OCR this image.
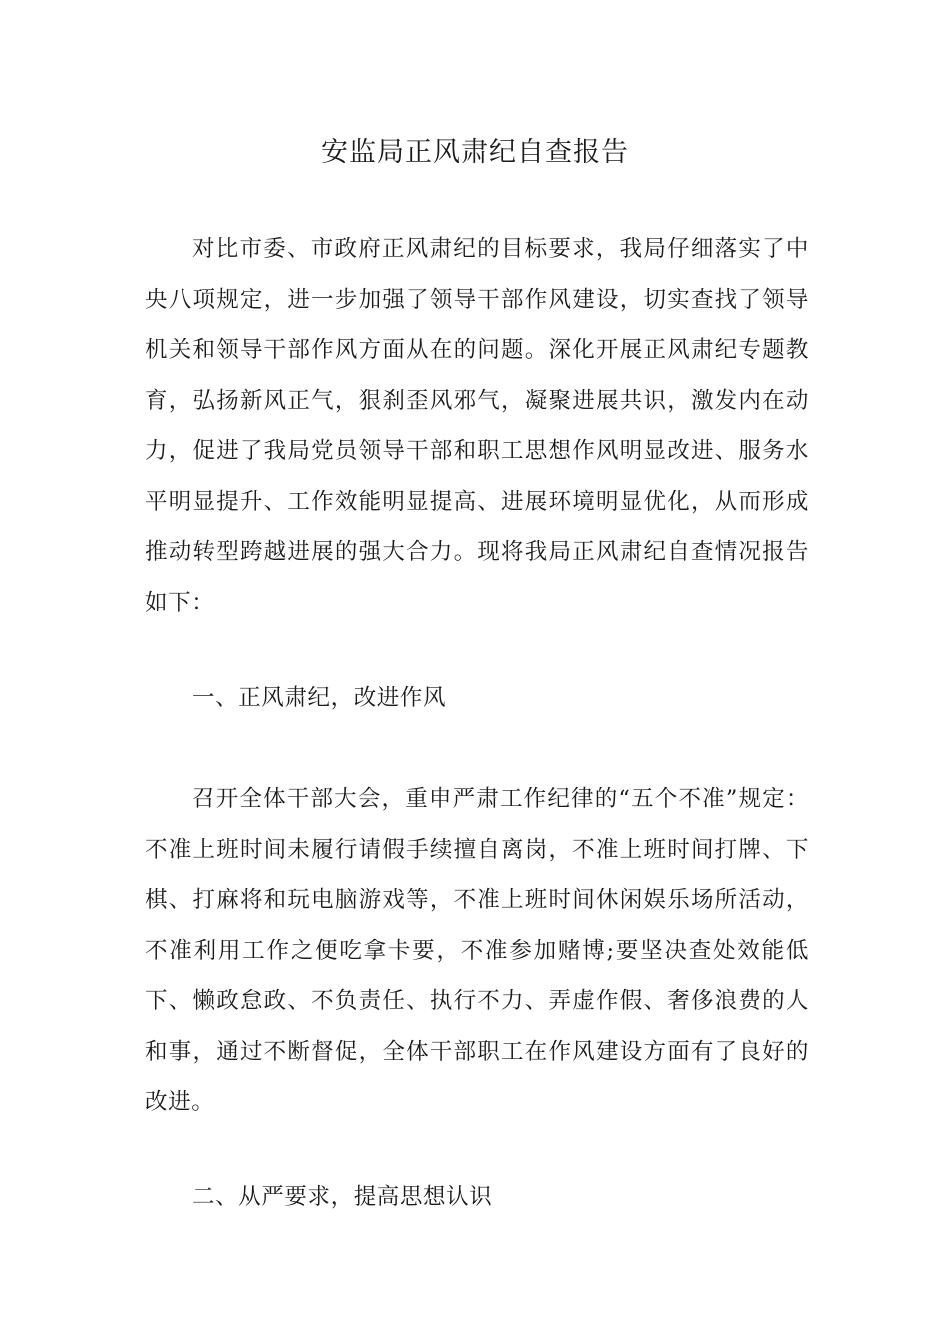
安监局正风肃纪自查报告

对比市委、市政府正风肃纪的目标要求，我局仔细落实了中央八项规定，进一步加强了领导干部作风建设，切实查找了领导机关和领导干部作风方面从在的问题。深化开展正风肃纪专题教育，弘扬新风正气，狠刹歪风邪气，凝聚进展共识，激发内在动力，促进了我局党员领导干部和职工思想作风明显改进、服务水平明显提升、工作效能明显提高、进展环境明显优化，从而形成推动转型跨越进展的强大合力。现将我局正风肃纪自查情况报告如下：

一、正风肃纪，改进作风

召开全体干部大会，重申严肃工作纪律的“五个不准”规定：不准上班时间未履行请假手续擅自离岗，不准上班时间打牌、下棋、打麻将和玩电脑游戏等，不准上班时间休闲娱乐场所活动，不准利用工作之便吃拿卡要，不准参加赌博;要坚决查处效能低下、懒政怠政、不负责任、执行不力、弄虚作假、奢侈浪费的人和事，通过不断督促，全体干部职工在作风建设方面有了良好的改进。

二、从严要求，提高思想认识
